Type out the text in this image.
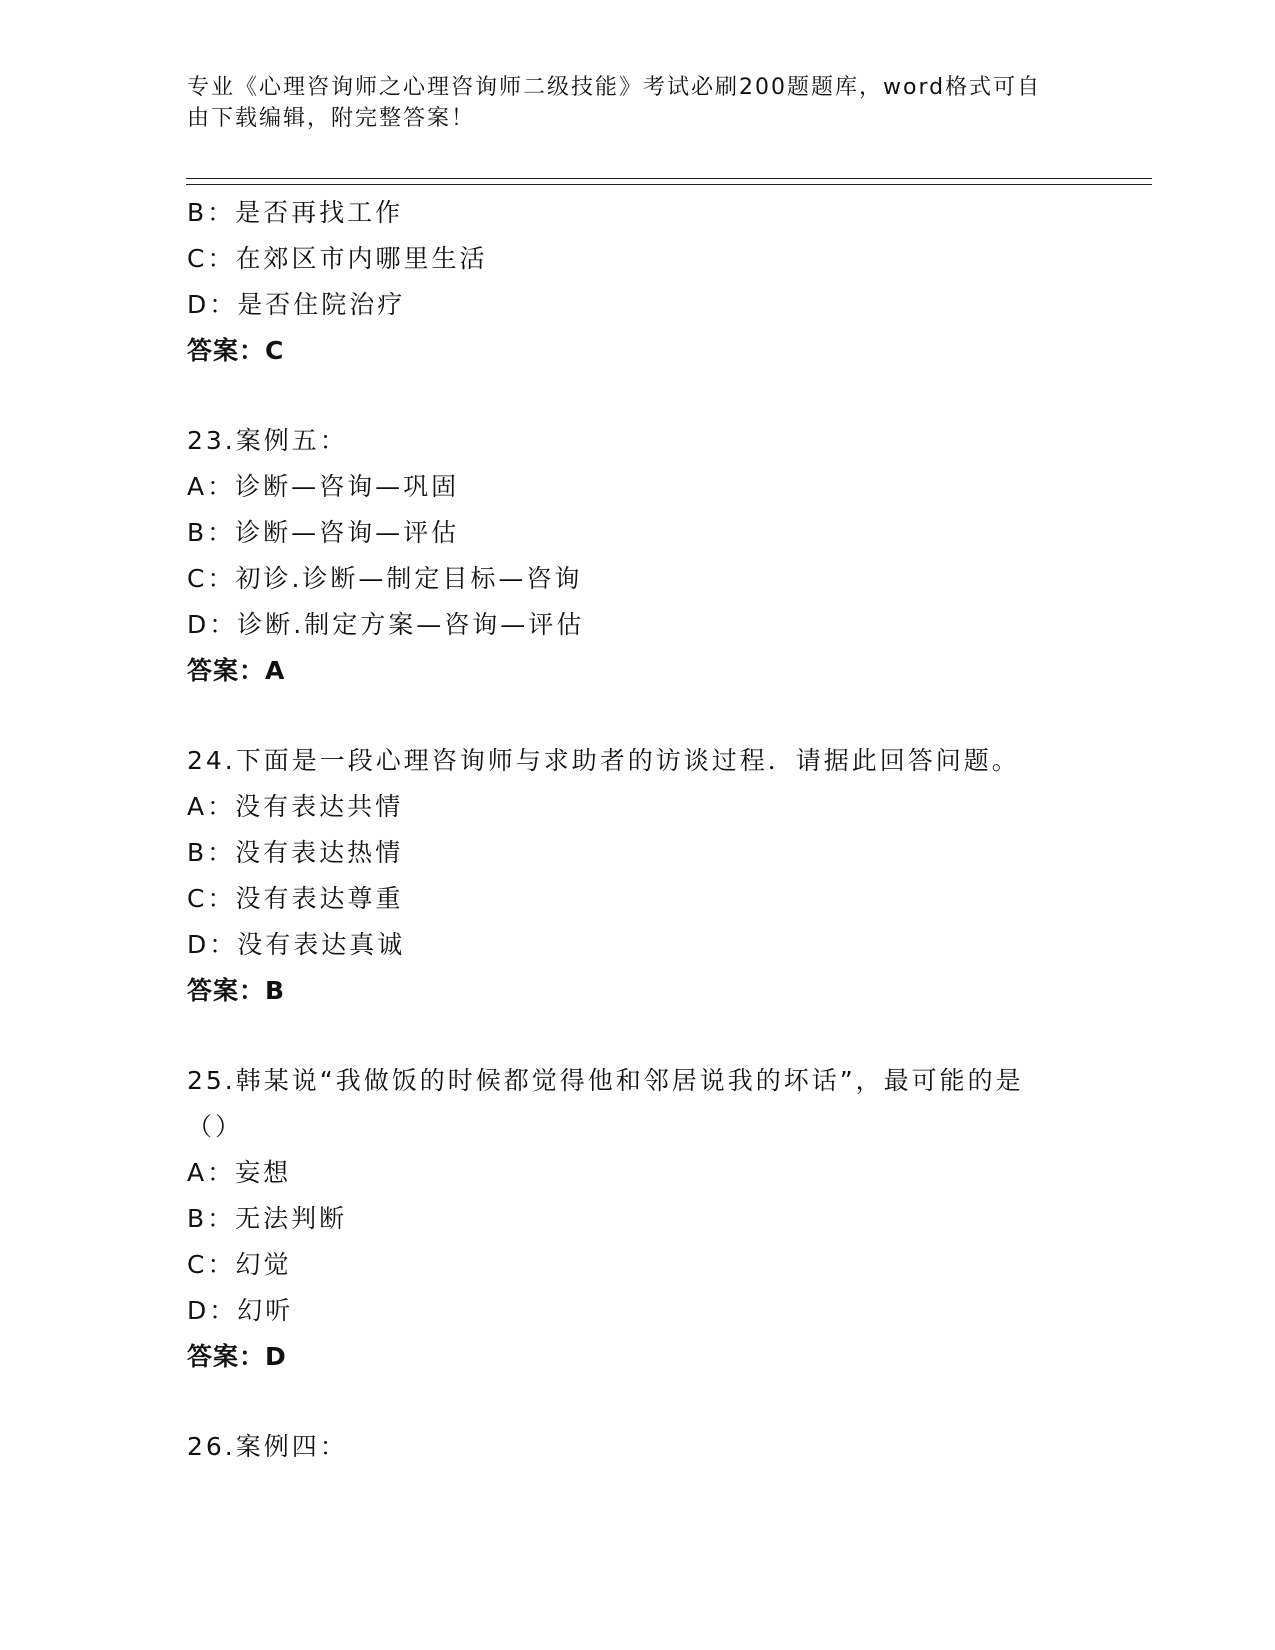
专业《心理咨询师之心理咨询师二级技能》考试必刷200题题库，word格式可自
由下载编辑，附完整答案！
B：是否再找工作
C：在郊区市内哪里生活
D：是否住院治疗
答案：C
23.案例五：
A：诊断—咨询—巩固
B：诊断—咨询—评估
C：初诊.诊断—制定目标—咨询
D：诊断.制定方案—咨询—评估
答案：A
24.下面是一段心理咨询师与求助者的访谈过程．请据此回答问题。
A：没有表达共情
B：没有表达热情
C：没有表达尊重
D：没有表达真诚
答案：B
25.韩某说“我做饭的时候都觉得他和邻居说我的坏话”，最可能的是
（）
A：妄想
B：无法判断
C：幻觉
D：幻听
答案：D
26.案例四：
